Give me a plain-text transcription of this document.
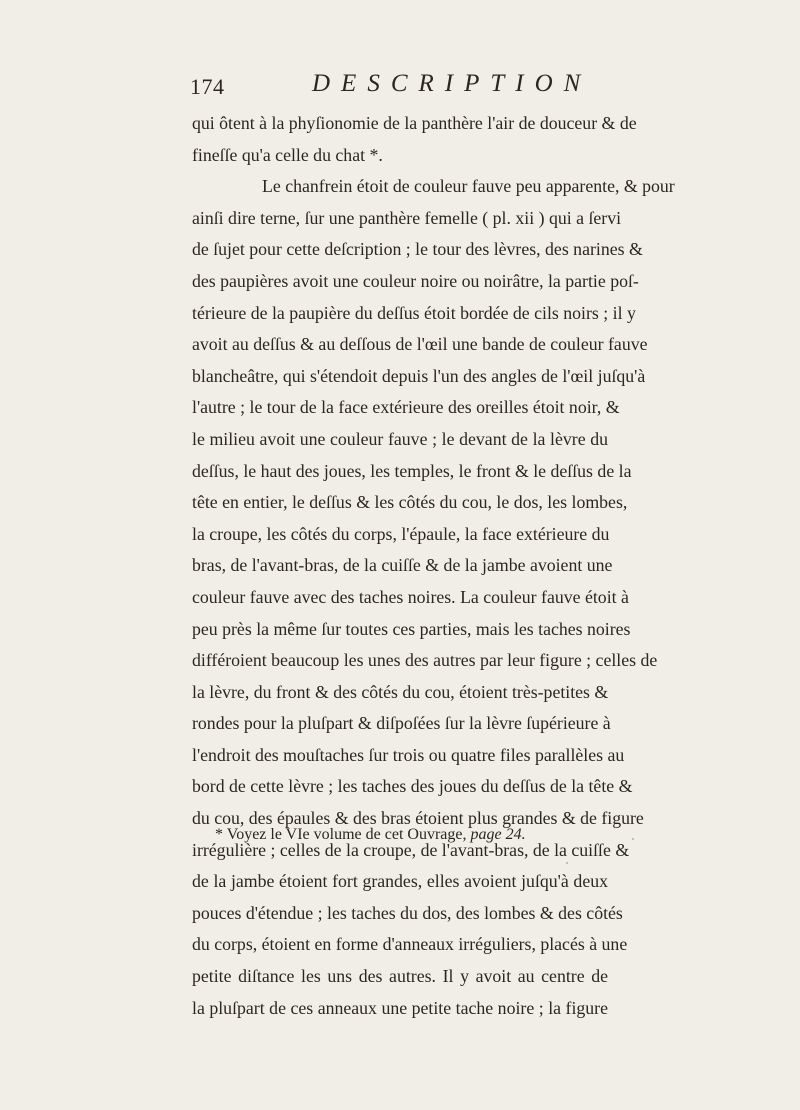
174	DESCRIPTION
qui ôtent à la phyſionomie de la panthère l'air de douceur & de
fineſſe qu'a celle du chat *.
Le chanfrein étoit de couleur fauve peu apparente, & pour
ainſi dire terne, ſur une panthère femelle ( pl. xii ) qui a ſervi
de ſujet pour cette deſcription ; le tour des lèvres, des narines &
des paupières avoit une couleur noire ou noirâtre, la partie poſ-
térieure de la paupière du deſſus étoit bordée de cils noirs ; il y
avoit au deſſus & au deſſous de l'œil une bande de couleur fauve
blancheâtre, qui s'étendoit depuis l'un des angles de l'œil juſqu'à
l'autre ; le tour de la face extérieure des oreilles étoit noir, &
le milieu avoit une couleur fauve ; le devant de la lèvre du
deſſus, le haut des joues, les temples, le front & le deſſus de la
tête en entier, le deſſus & les côtés du cou, le dos, les lombes,
la croupe, les côtés du corps, l'épaule, la face extérieure du
bras, de l'avant-bras, de la cuiſſe & de la jambe avoient une
couleur fauve avec des taches noires. La couleur fauve étoit à
peu près la même ſur toutes ces parties, mais les taches noires
différoient beaucoup les unes des autres par leur figure ; celles de
la lèvre, du front & des côtés du cou, étoient très-petites &
rondes pour la pluſpart & diſpoſées ſur la lèvre ſupérieure à
l'endroit des mouſtaches ſur trois ou quatre files parallèles au
bord de cette lèvre ; les taches des joues du deſſus de la tête &
du cou, des épaules & des bras étoient plus grandes & de figure
irrégulière ; celles de la croupe, de l'avant-bras, de la cuiſſe &
de la jambe étoient fort grandes, elles avoient juſqu'à deux
pouces d'étendue ; les taches du dos, des lombes & des côtés
du corps, étoient en forme d'anneaux irréguliers, placés à une
petite diſtance les uns des autres. Il y avoit au centre de
la pluſpart de ces anneaux une petite tache noire ; la figure
* Voyez le VIe volume de cet Ouvrage, page 24.
